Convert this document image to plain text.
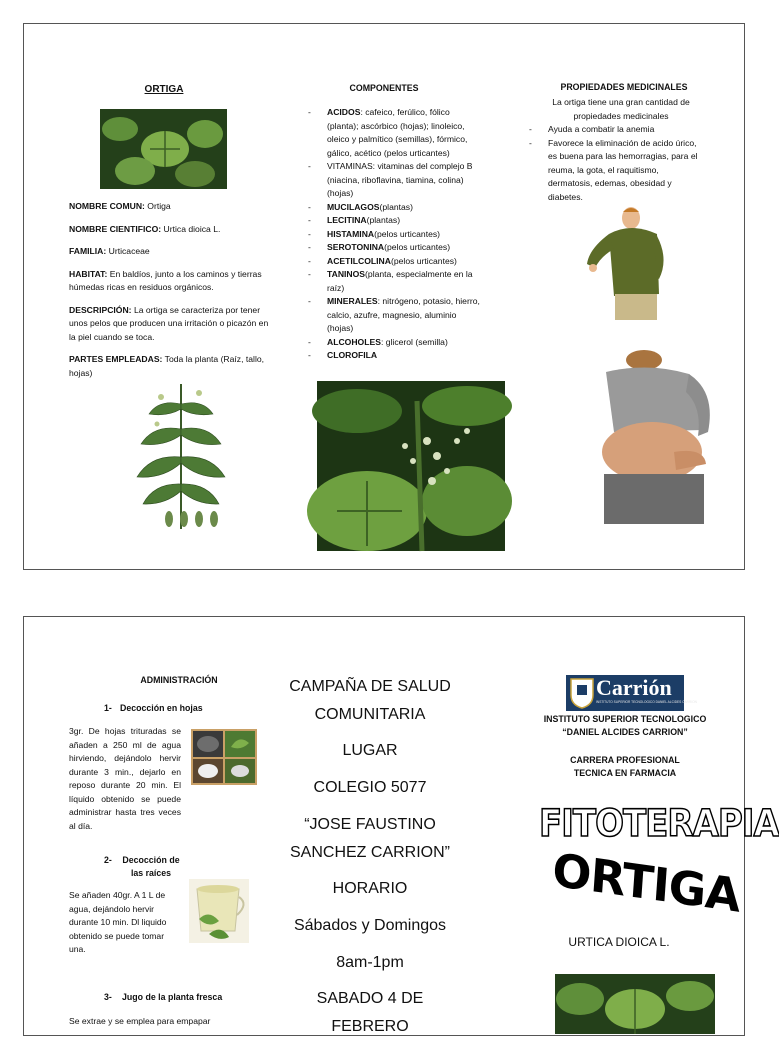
ORTIGA
NOMBRE COMUN: Ortiga
NOMBRE CIENTIFICO: Urtica dioica L.
FAMILIA: Urticaceae
HABITAT: En baldíos, junto a los caminos y tierras húmedas ricas en residuos orgánicos.
DESCRIPCIÓN: La ortiga se caracteriza por tener unos pelos que producen una irritación o picazón en la piel cuando se toca.
PARTES EMPLEADAS: Toda la planta (Raíz, tallo, hojas)
COMPONENTES
- ACIDOS: cafeico, ferúlico, fólico (planta); ascórbico (hojas); linoleico, oleico y palmítico (semillas), fórmico, gálico, acético (pelos urticantes)
- VITAMINAS: vitaminas del complejo B (niacina, riboflavina, tiamina, colina) (hojas)
- MUCILAGOS(plantas)
- LECITINA(plantas)
- HISTAMINA(pelos urticantes)
- SEROTONINA(pelos urticantes)
- ACETILCOLINA(pelos urticantes)
- TANINOS(planta, especialmente en la raíz)
- MINERALES: nitrógeno, potasio, hierro, calcio, azufre, magnesio, aluminio (hojas)
- ALCOHOLES: glicerol (semilla)
- CLOROFILA
PROPIEDADES MEDICINALES
La ortiga tiene una gran cantidad de propiedades medicinales
- Ayuda a combatir la anemia
- Favorece la eliminación de acido úrico, es buena para las hemorragias, para el reuma, la gota, el raquitismo, dermatosis, edemas, obesidad y diabetes.
ADMINISTRACIÓN
1- Decocción en hojas
3gr. De hojas trituradas se añaden a 250 ml de agua hirviendo, dejándolo hervir durante 3 min., dejarlo en reposo durante 20 min. El líquido obtenido se puede administrar hasta tres veces al día.
2- Decocción de las raíces
Se añaden 40gr. A 1 L de agua, dejándolo hervir durante 10 min. Dl liquido obtenido se puede tomar una.
3- Jugo de la planta fresca
Se extrae y se emplea para empapar
CAMPAÑA DE SALUD
COMUNITARIA
LUGAR
COLEGIO 5077
“JOSE FAUSTINO
SANCHEZ CARRION”
HORARIO
Sábados y Domingos
8am-1pm
SABADO 4 DE
FEBRERO
Carrión
INSTITUTO SUPERIOR TECNOLOGICO DANIEL ALCIDES CARRION
INSTITUTO SUPERIOR TECNOLOGICO
“DANIEL ALCIDES CARRION”
CARRERA PROFESIONAL
TECNICA EN FARMACIA
FITOTERAPIA
ORTIGA
URTICA DIOICA L.
